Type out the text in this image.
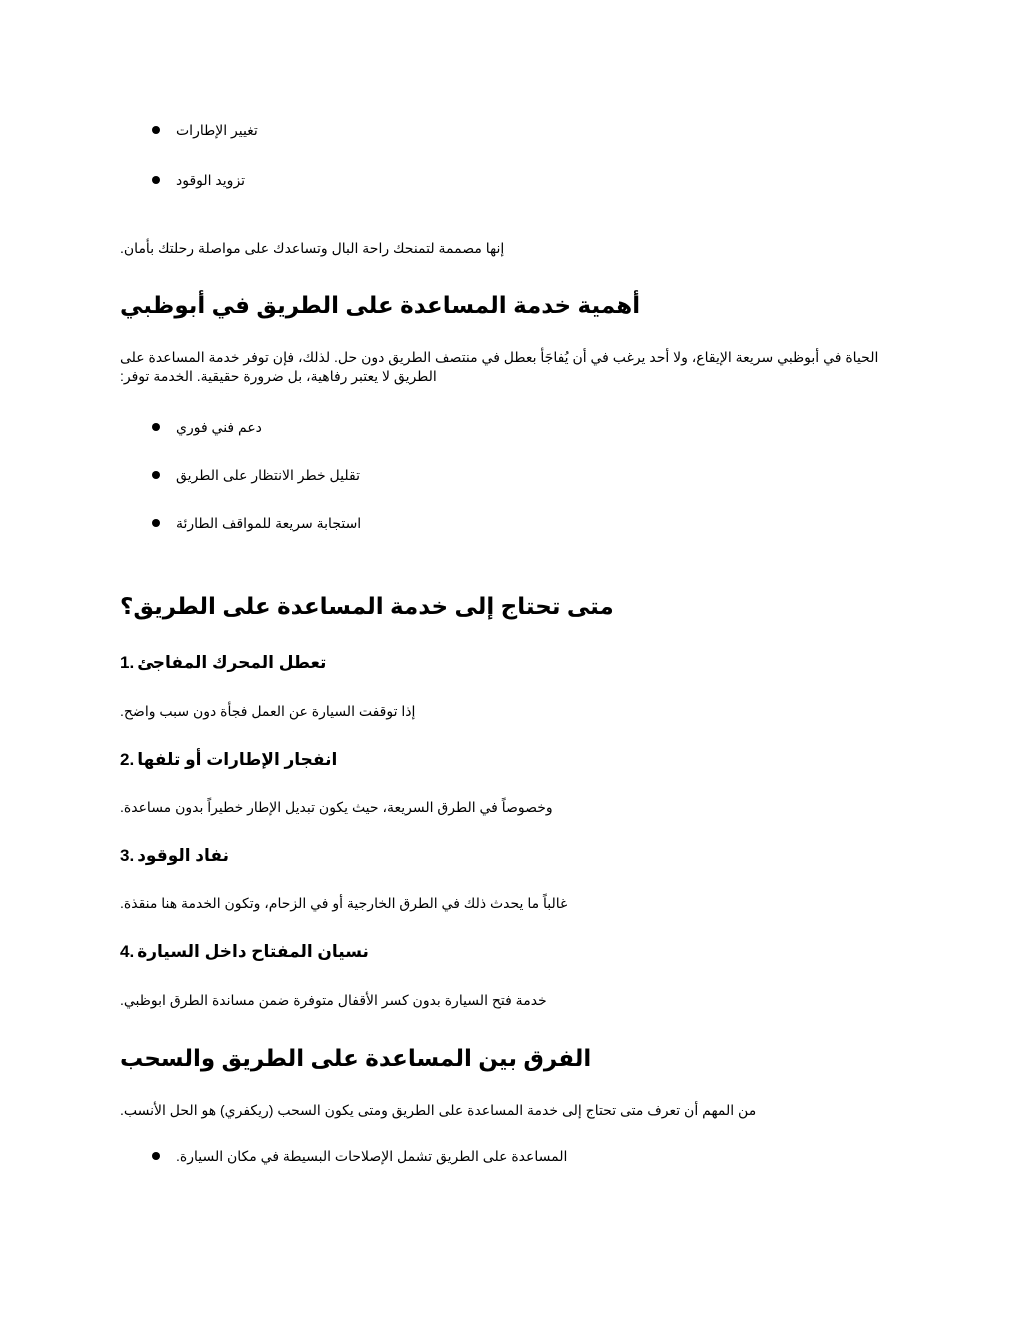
تغيير الإطارات
تزويد الوقود
.إنها مصممة لتمنحك راحة البال وتساعدك على مواصلة رحلتك بأمان
أهمية خدمة المساعدة على الطريق في أبوظبي
الحياة في أبوظبي سريعة الإيقاع، ولا أحد يرغب في أن يُفاجَأ بعطل في منتصف الطريق دون حل. لذلك، فإن توفر خدمة المساعدة على
:الطريق لا يعتبر رفاهية، بل ضرورة حقيقية. الخدمة توفر
دعم فني فوري
تقليل خطر الانتظار على الطريق
استجابة سريعة للمواقف الطارئة
متى تحتاج إلى خدمة المساعدة على الطريق؟
1. تعطل المحرك المفاجئ
.إذا توقفت السيارة عن العمل فجأة دون سبب واضح
2. انفجار الإطارات أو تلفها
.وخصوصاً في الطرق السريعة، حيث يكون تبديل الإطار خطيراً بدون مساعدة
3. نفاد الوقود
.غالباً ما يحدث ذلك في الطرق الخارجية أو في الزحام، وتكون الخدمة هنا منقذة
4. نسيان المفتاح داخل السيارة
.خدمة فتح السيارة بدون كسر الأقفال متوفرة ضمن مساندة الطرق ابوظبي
الفرق بين المساعدة على الطريق والسحب
.من المهم أن تعرف متى تحتاج إلى خدمة المساعدة على الطريق ومتى يكون السحب (ريكفري) هو الحل الأنسب
.المساعدة على الطريق تشمل الإصلاحات البسيطة في مكان السيارة
